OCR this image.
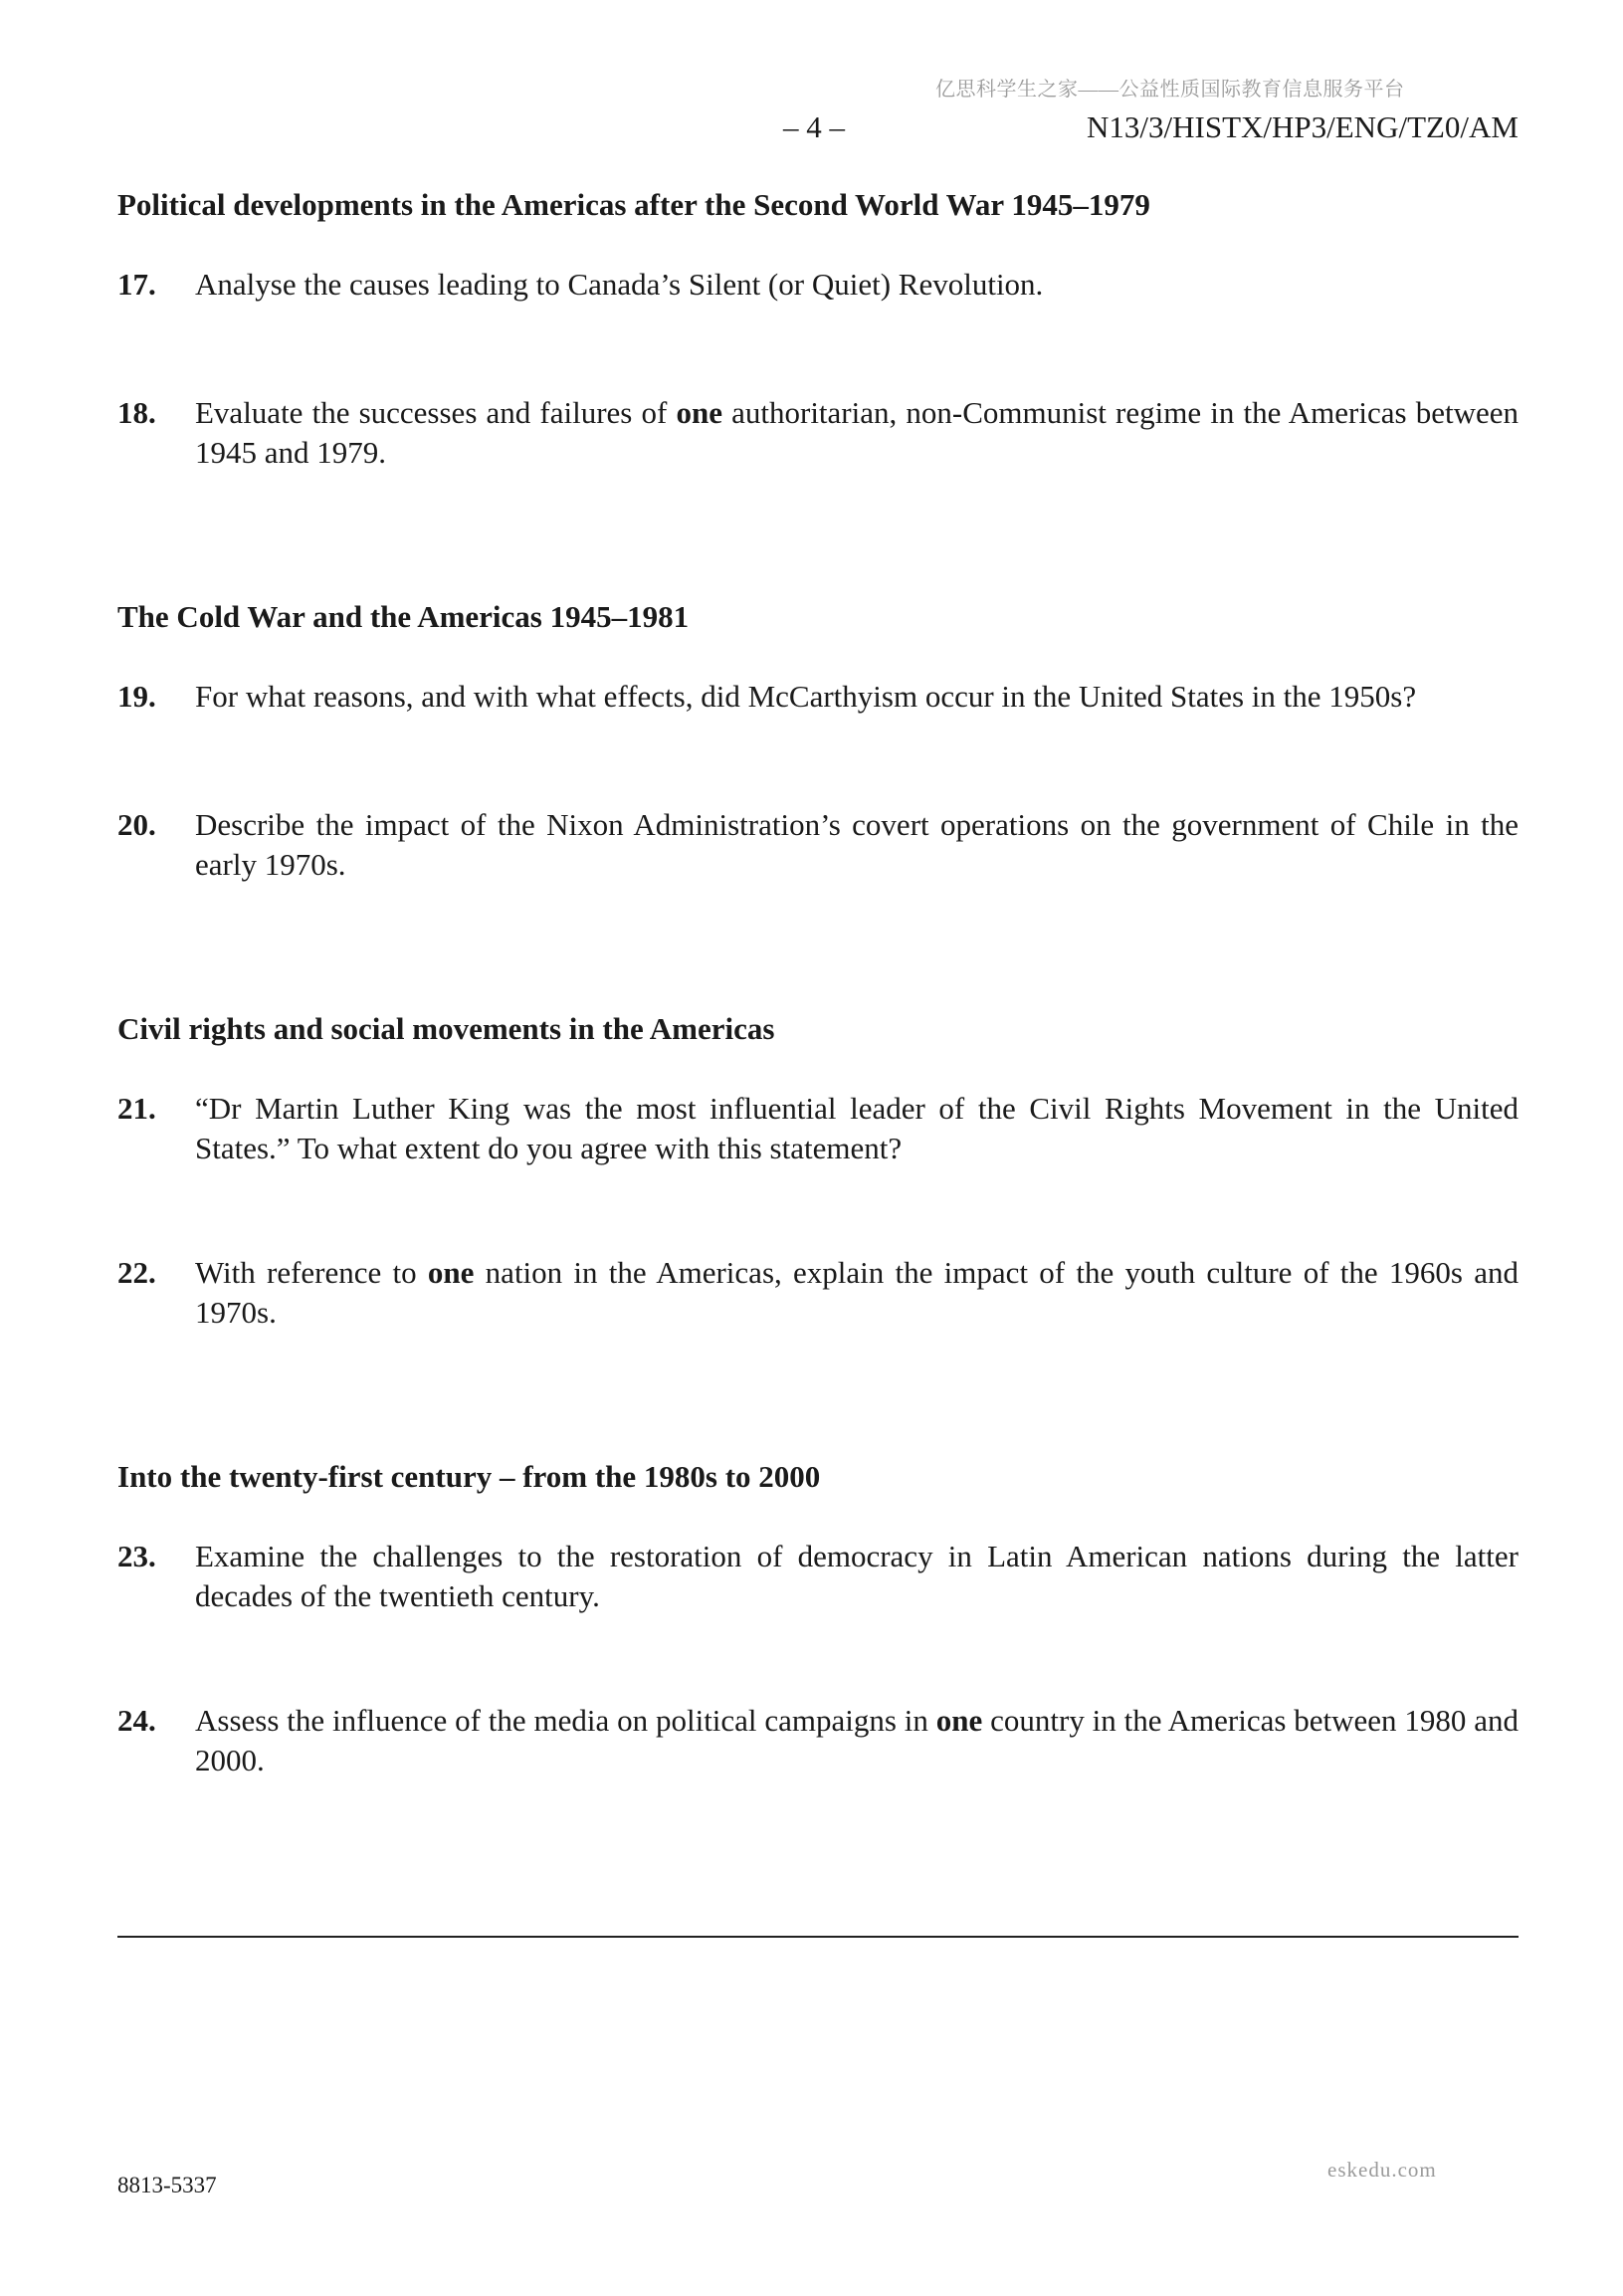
亿思科学生之家——公益性质国际教育信息服务平台
– 4 –	N13/3/HISTX/HP3/ENG/TZ0/AM
Political developments in the Americas after the Second World War 1945–1979
17. Analyse the causes leading to Canada’s Silent (or Quiet) Revolution.
18. Evaluate the successes and failures of one authoritarian, non-Communist regime in the Americas between 1945 and 1979.
The Cold War and the Americas 1945–1981
19. For what reasons, and with what effects, did McCarthyism occur in the United States in the 1950s?
20. Describe the impact of the Nixon Administration’s covert operations on the government of Chile in the early 1970s.
Civil rights and social movements in the Americas
21. “Dr Martin Luther King was the most influential leader of the Civil Rights Movement in the United States.” To what extent do you agree with this statement?
22. With reference to one nation in the Americas, explain the impact of the youth culture of the 1960s and 1970s.
Into the twenty-first century – from the 1980s to 2000
23. Examine the challenges to the restoration of democracy in Latin American nations during the latter decades of the twentieth century.
24. Assess the influence of the media on political campaigns in one country in the Americas between 1980 and 2000.
8813-5337
eskedu.com
